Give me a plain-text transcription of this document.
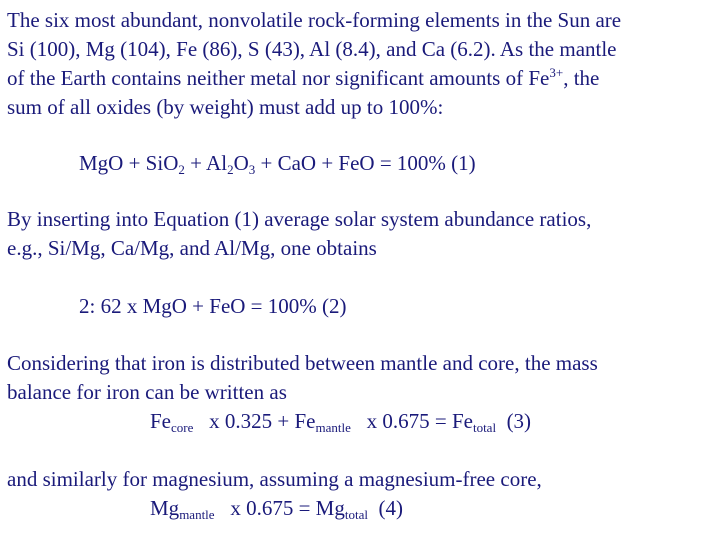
The six most abundant, nonvolatile rock-forming elements in the Sun are
Si (100), Mg (104), Fe (86), S (43), Al (8.4), and Ca (6.2). As the mantle
of the Earth contains neither metal nor significant amounts of $Fe^{3+}$, the
sum of all oxides (by weight) must add up to 100%:
MgO + $SiO_2 + Al_2O_3$ + CaO + FeO = 100% (1)
By inserting into Equation (1) average solar system abundance ratios,
e.g., Si/Mg, Ca/Mg, and Al/Mg, one obtains
2: 62 x MgO + FeO = 100% (2)
Considering that iron is distributed between mantle and core, the mass
balance for iron can be written as
$Fe_{core}$   x $0.325 + Fe_{mantle}$   x $0.675 = Fe_{total}$  (3)
and similarly for magnesium, assuming a magnesium-free core,
$Mg_{mantle}$   x $0.675 = Mg_{total}$  (4)
